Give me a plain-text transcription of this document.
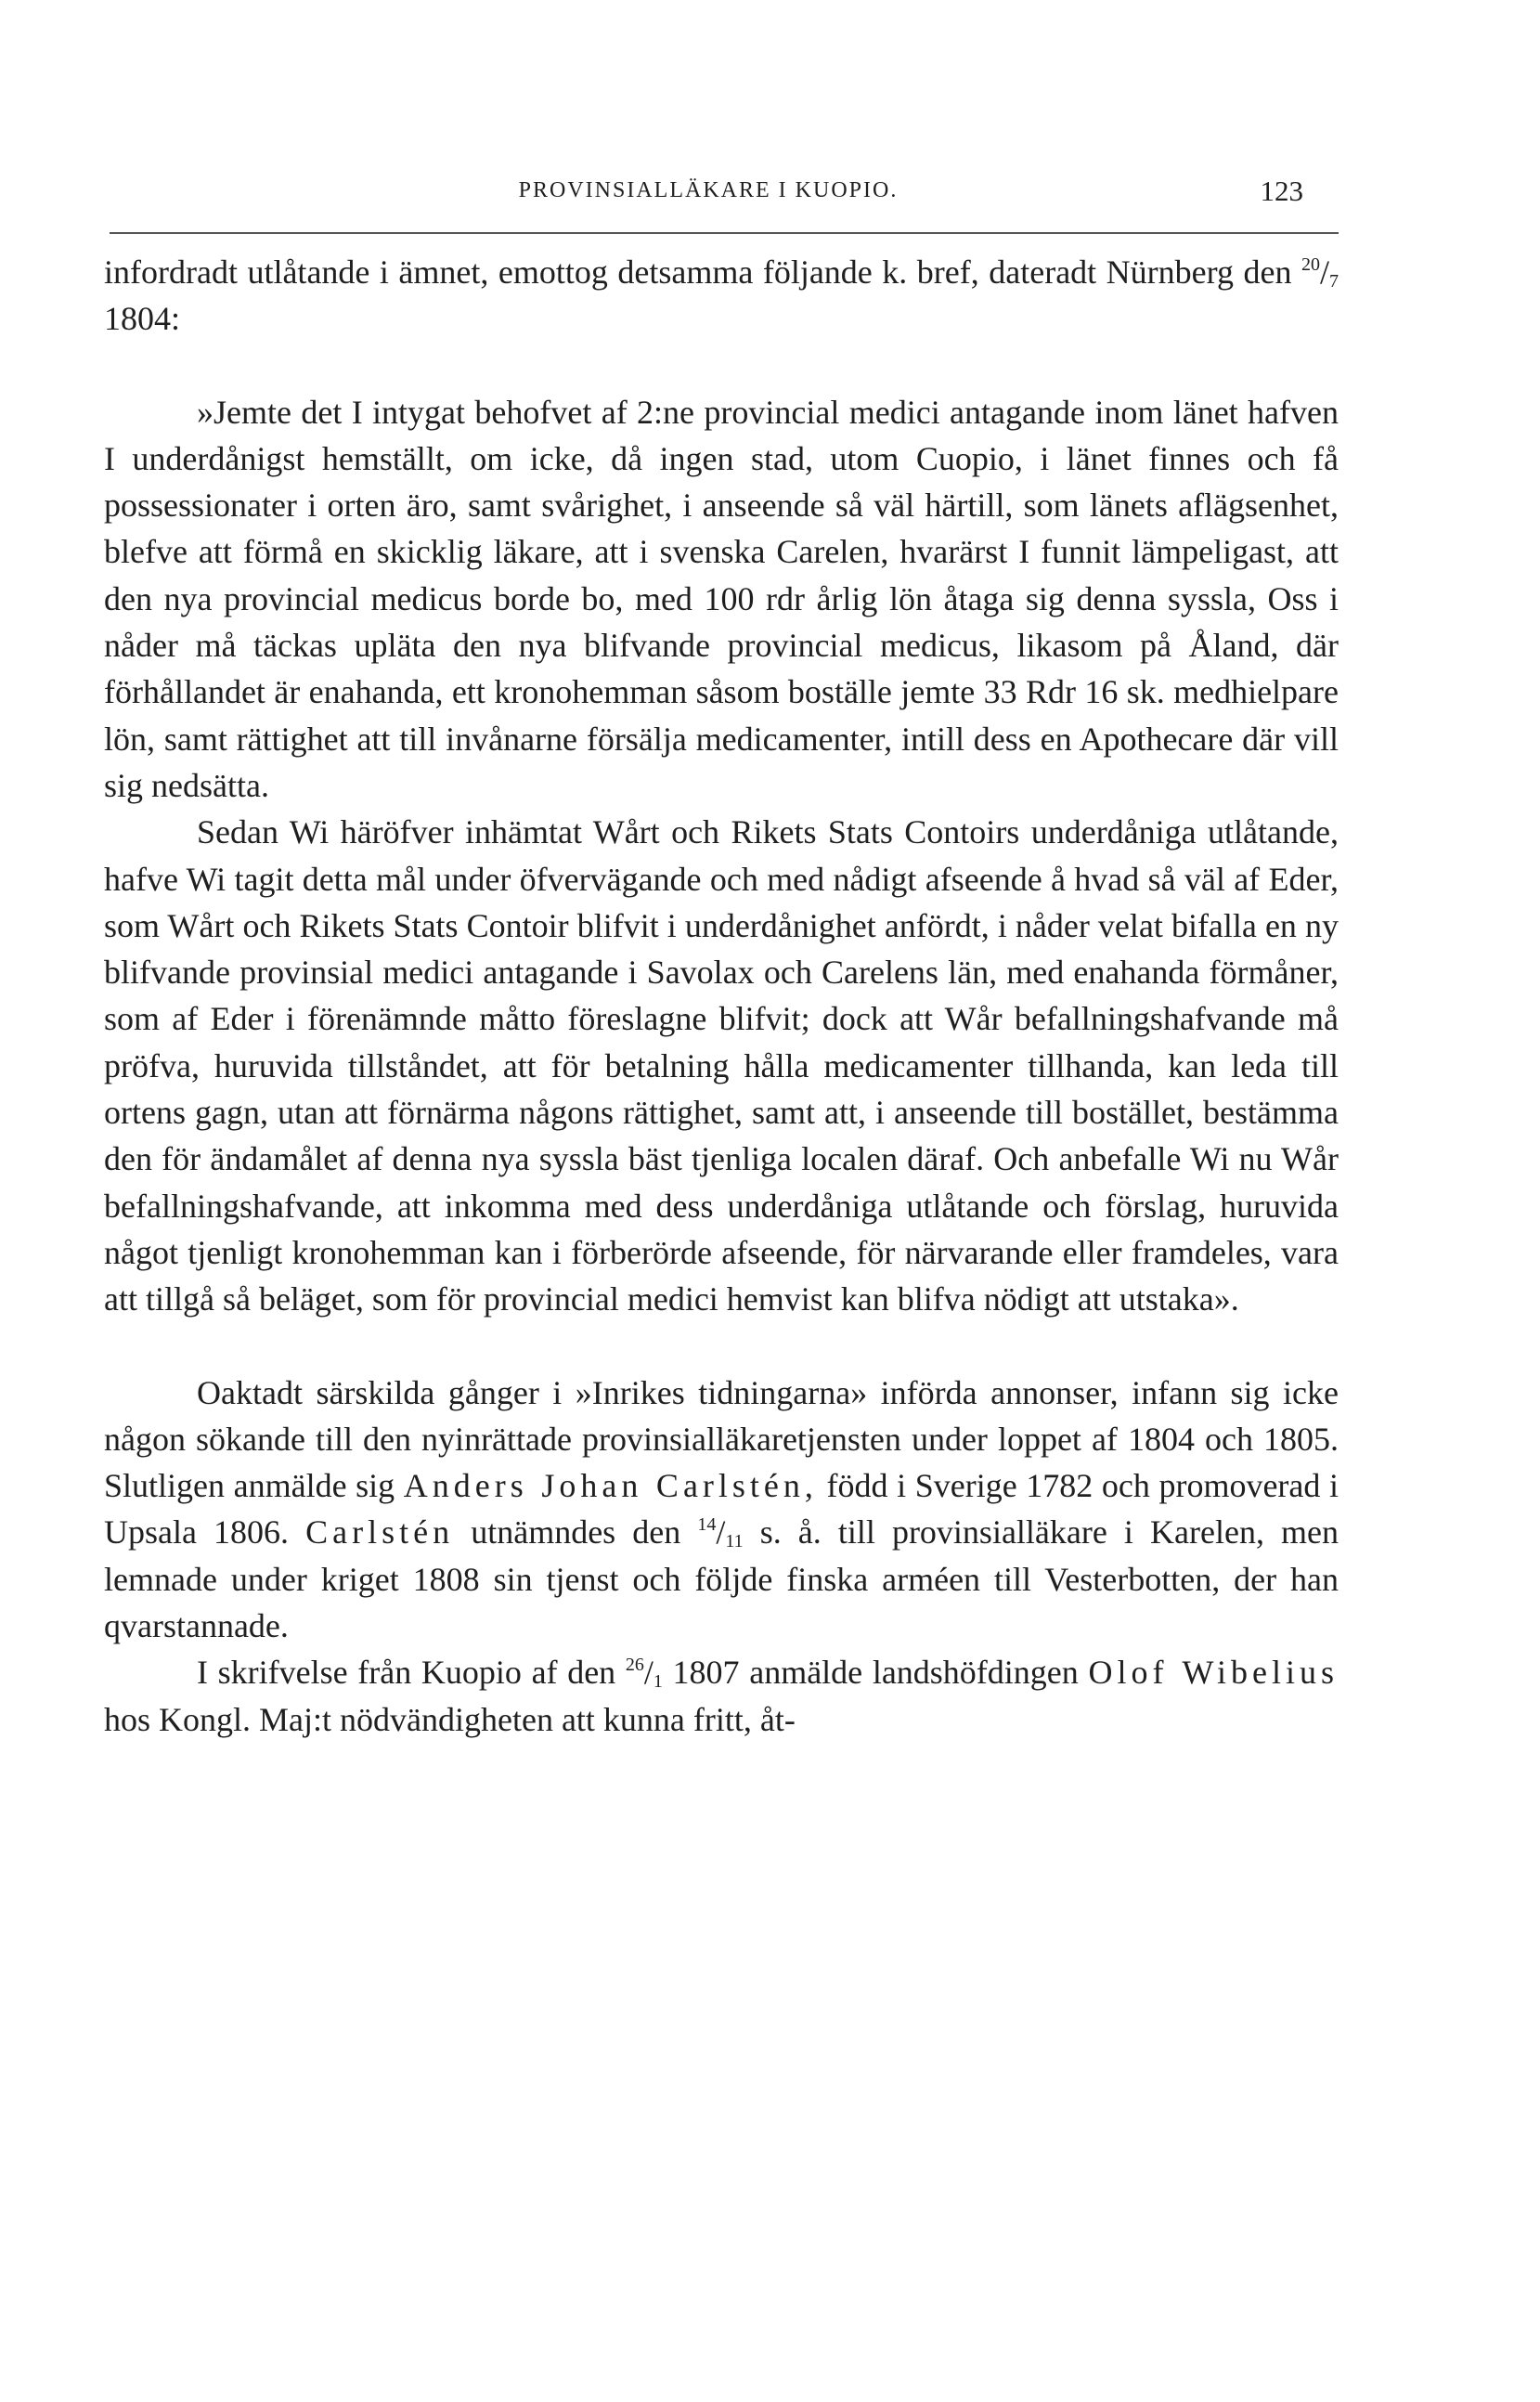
PROVINSIALLÄKARE I KUOPIO.	123

infordradt utlåtande i ämnet, emottog detsamma följande k. bref, dateradt Nürnberg den $^{20}/_7$ 1804:

»Jemte det I intygat behofvet af 2:ne provincial medici antagande inom länet hafven I underdånigst hemställt, om icke, då ingen stad, utom Cuopio, i länet finnes och få possessionater i orten äro, samt svårighet, i anseende så väl härtill, som länets aflägsenhet, blefve att förmå en skicklig läkare, att i svenska Carelen, hvarärst I funnit lämpeligast, att den nya provincial medicus borde bo, med 100 rdr årlig lön åtaga sig denna syssla, Oss i nåder må täckas upläta den nya blifvande provincial medicus, likasom på Åland, där förhållandet är enahanda, ett kronohemman såsom boställe jemte 33 Rdr 16 sk. medhielpare lön, samt rättighet att till invånarne försälja medicamenter, intill dess en Apothecare där vill sig nedsätta.

Sedan Wi häröfver inhämtat Wårt och Rikets Stats Contoirs underdåniga utlåtande, hafve Wi tagit detta mål under öfvervägande och med nådigt afseende å hvad så väl af Eder, som Wårt och Rikets Stats Contoir blifvit i underdånighet anfördt, i nåder velat bifalla en ny blifvande provinsial medici antagande i Savolax och Carelens län, med enahanda förmåner, som af Eder i förenämnde måtto föreslagne blifvit; dock att Wår befallningshafvande må pröfva, huruvida tillståndet, att för betalning hålla medicamenter tillhanda, kan leda till ortens gagn, utan att förnärma någons rättighet, samt att, i anseende till bostället, bestämma den för ändamålet af denna nya syssla bäst tjenliga localen däraf. Och anbefalle Wi nu Wår befallningshafvande, att inkomma med dess underdåniga utlåtande och förslag, huruvida något tjenligt kronohemman kan i förberörde afseende, för närvarande eller framdeles, vara att tillgå så beläget, som för provincial medici hemvist kan blifva nödigt att utstaka».

Oaktadt särskilda gånger i »Inrikes tidningarna» införda annonser, infann sig icke någon sökande till den nyinrättade provinsialläkaretjensten under loppet af 1804 och 1805. Slutligen anmälde sig Anders Johan Carlstén, född i Sverige 1782 och promoverad i Upsala 1806. Carlstén utnämndes den $^{14}/_{11}$ s. å. till provinsialläkare i Karelen, men lemnade under kriget 1808 sin tjenst och följde finska arméen till Vesterbotten, der han qvarstannade.

I skrifvelse från Kuopio af den $^{26}/_1$ 1807 anmälde landshöfdingen Olof Wibelius hos Kongl. Maj:t nödvändigheten att kunna fritt, åt-
